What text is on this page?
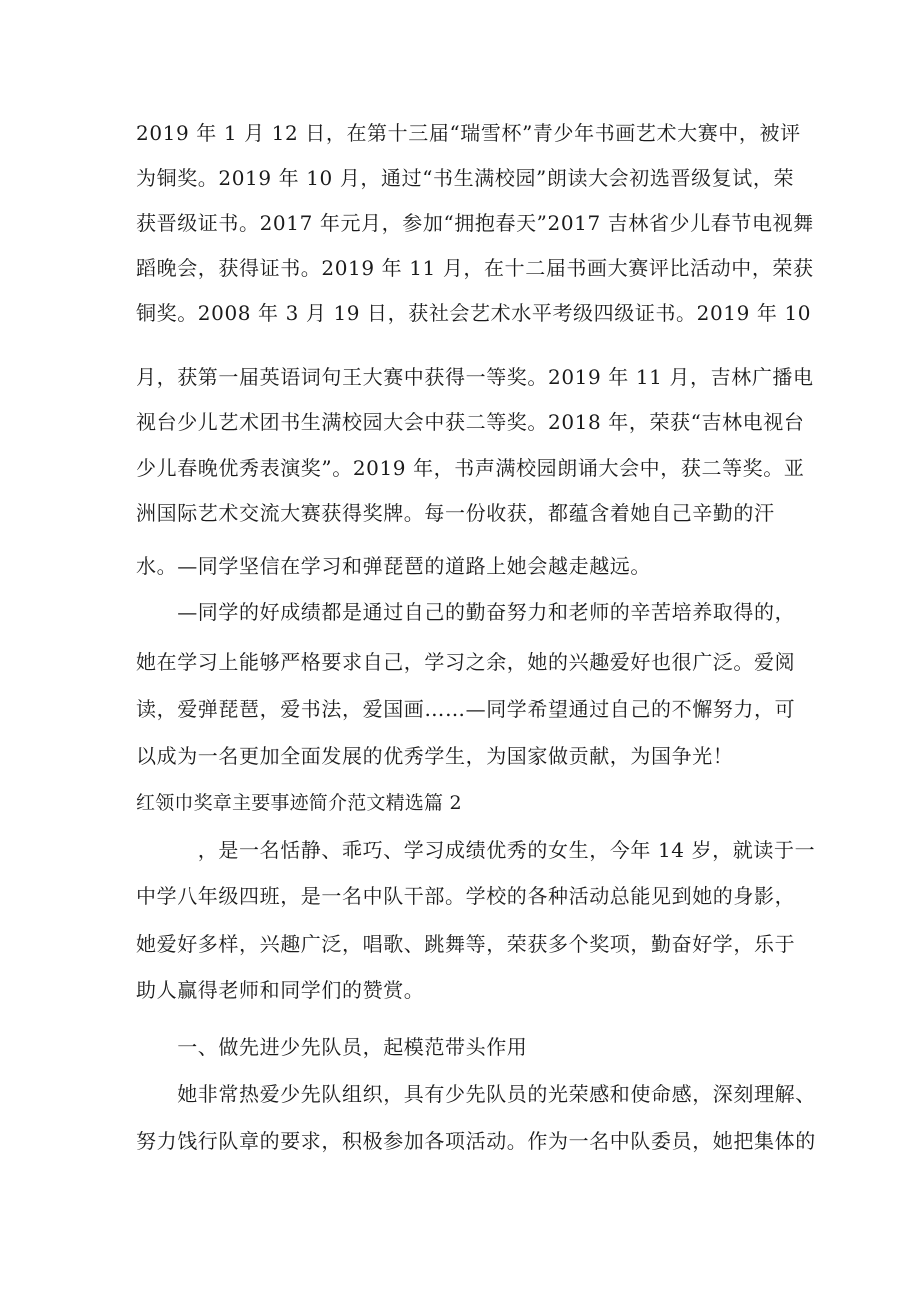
2019 年 1 月 12 日，在第十三届“瑞雪杯”青少年书画艺术大赛中，被评
为铜奖。2019 年 10 月，通过“书生满校园”朗读大会初选晋级复试，荣
获晋级证书。2017 年元月，参加“拥抱春天”2017 吉林省少儿春节电视舞
蹈晚会，获得证书。2019 年 11 月，在十二届书画大赛评比活动中，荣获
铜奖。2008 年 3 月 19 日，获社会艺术水平考级四级证书。2019 年 10
月，获第一届英语词句王大赛中获得一等奖。2019 年 11 月，吉林广播电
视台少儿艺术团书生满校园大会中获二等奖。2018 年，荣获“吉林电视台
少儿春晚优秀表演奖”。2019 年，书声满校园朗诵大会中，获二等奖。亚
洲国际艺术交流大赛获得奖牌。每一份收获，都蕴含着她自己辛勤的汗
水。—同学坚信在学习和弹琵琶的道路上她会越走越远。
　　—同学的好成绩都是通过自己的勤奋努力和老师的辛苦培养取得的，
她在学习上能够严格要求自己，学习之余，她的兴趣爱好也很广泛。爱阅
读，爱弹琵琶，爱书法，爱国画……—同学希望通过自己的不懈努力，可
以成为一名更加全面发展的优秀学生，为国家做贡献，为国争光！
红领巾奖章主要事迹简介范文精选篇 2
　　　，是一名恬静、乖巧、学习成绩优秀的女生，今年 14 岁，就读于一
中学八年级四班，是一名中队干部。学校的各种活动总能见到她的身影，
她爱好多样，兴趣广泛，唱歌、跳舞等，荣获多个奖项，勤奋好学，乐于
助人赢得老师和同学们的赞赏。
　　一、做先进少先队员，起模范带头作用
　　她非常热爱少先队组织，具有少先队员的光荣感和使命感，深刻理解、
努力饯行队章的要求，积极参加各项活动。作为一名中队委员，她把集体的
